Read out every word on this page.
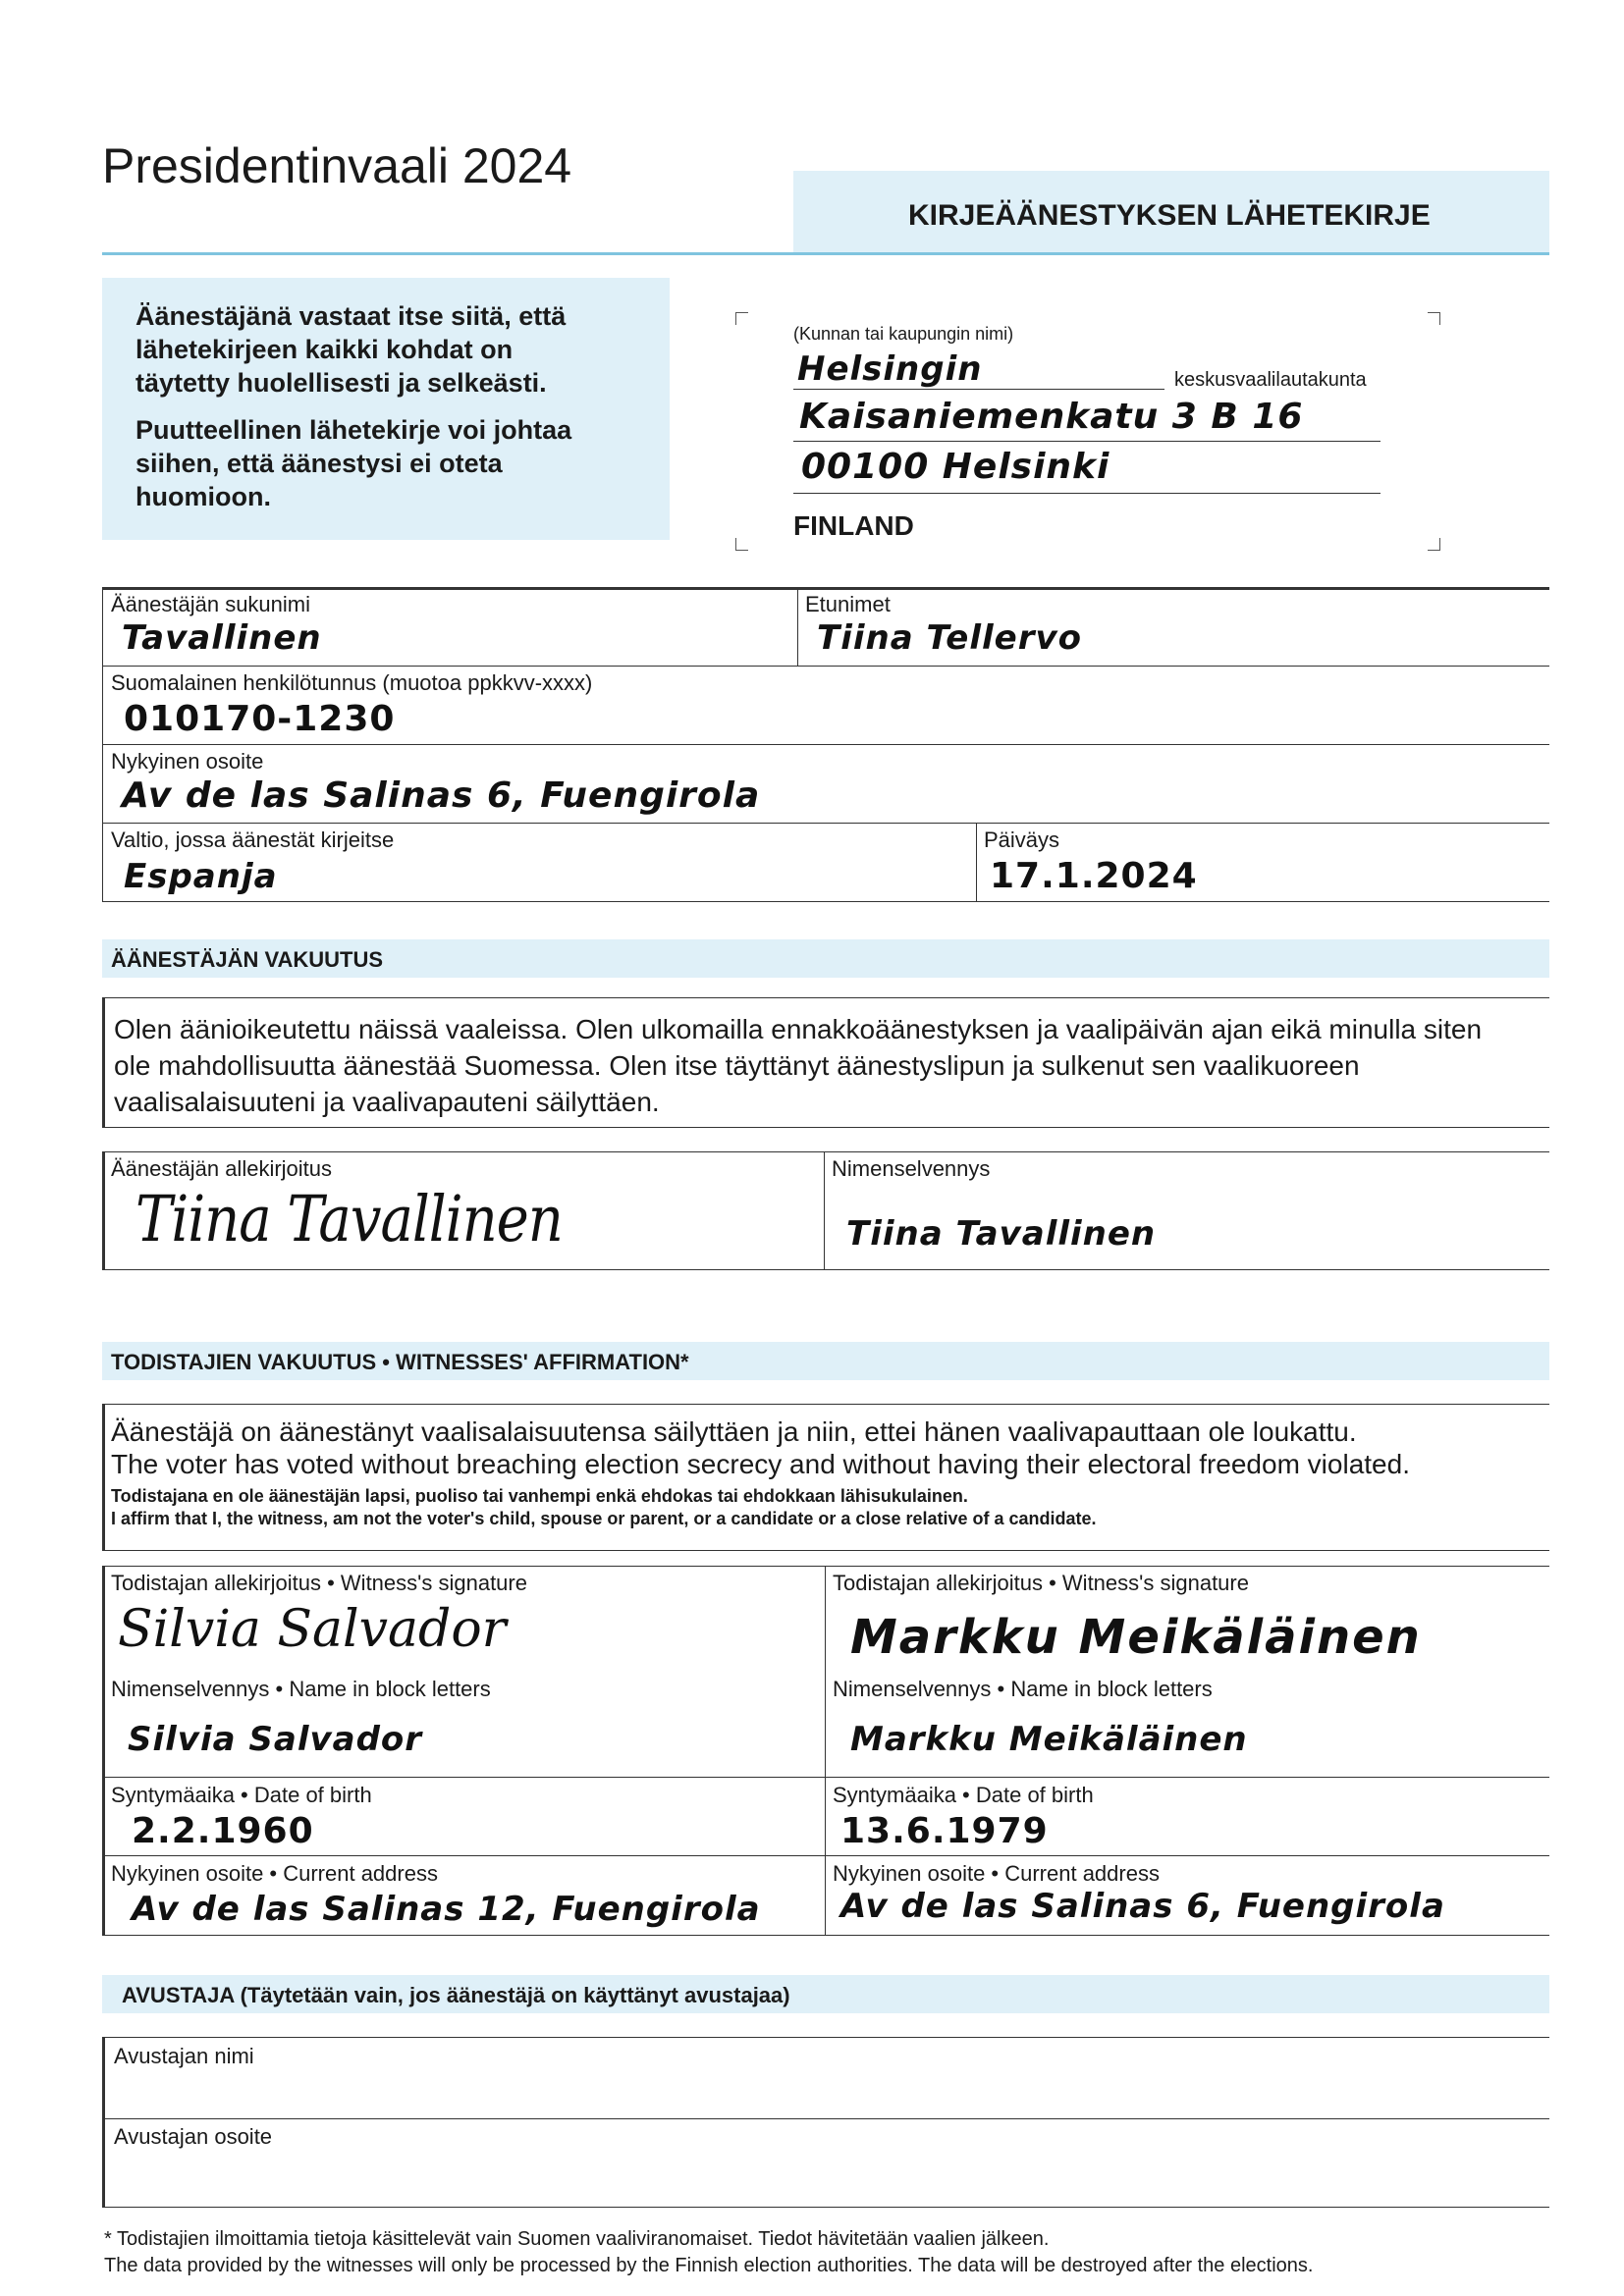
Presidentinvaali 2024
KIRJEÄÄNESTYKSEN LÄHETEKIRJE
Äänestäjänä vastaat itse siitä, että
lähetekirjeen kaikki kohdat on
täytetty huolellisesti ja selkeästi.
Puutteellinen lähetekirje voi johtaa
siihen, että äänestysi ei oteta
huomioon.
(Kunnan tai kaupungin nimi)
Helsingin	keskusvaalilautakunta
Kaisaniemenkatu 3 B 16
00100 Helsinki
FINLAND
Äänestäjän sukunimi
Tavallinen
Etunimet
Tiina Tellervo
Suomalainen henkilötunnus (muotoa ppkkvv-xxxx)
010170-1230
Nykyinen osoite
Av de las Salinas 6, Fuengirola
Valtio, jossa äänestät kirjeitse
Espanja
Päiväys
17.1.2024
ÄÄNESTÄJÄN VAKUUTUS
Olen äänioikeutettu näissä vaaleissa. Olen ulkomailla ennakkoäänestyksen ja vaalipäivän ajan eikä minulla siten
ole mahdollisuutta äänestää Suomessa. Olen itse täyttänyt äänestyslipun ja sulkenut sen vaalikuoreen
vaalisalaisuuteni ja vaalivapauteni säilyttäen.
Äänestäjän allekirjoitus
Tiina Tavallinen
Nimenselvennys
Tiina Tavallinen
TODISTAJIEN VAKUUTUS • WITNESSES' AFFIRMATION*
Äänestäjä on äänestänyt vaalisalaisuutensa säilyttäen ja niin, ettei hänen vaalivapauttaan ole loukattu.
The voter has voted without breaching election secrecy and without having their electoral freedom violated.
Todistajana en ole äänestäjän lapsi, puoliso tai vanhempi enkä ehdokas tai ehdokkaan lähisukulainen.
I affirm that I, the witness, am not the voter's child, spouse or parent, or a candidate or a close relative of a candidate.
Todistajan allekirjoitus • Witness's signature
Silvia Salvador
Nimenselvennys • Name in block letters
Silvia Salvador
Syntymäaika • Date of birth
2.2.1960
Nykyinen osoite • Current address
Av de las Salinas 12, Fuengirola
Todistajan allekirjoitus • Witness's signature
Markku Meikäläinen
Nimenselvennys • Name in block letters
Markku Meikäläinen
Syntymäaika • Date of birth
13.6.1979
Nykyinen osoite • Current address
Av de las Salinas 6, Fuengirola
AVUSTAJA (Täytetään vain, jos äänestäjä on käyttänyt avustajaa)
Avustajan nimi
Avustajan osoite
* Todistajien ilmoittamia tietoja käsittelevät vain Suomen vaaliviranomaiset. Tiedot hävitetään vaalien jälkeen.
The data provided by the witnesses will only be processed by the Finnish election authorities. The data will be destroyed after the elections.
